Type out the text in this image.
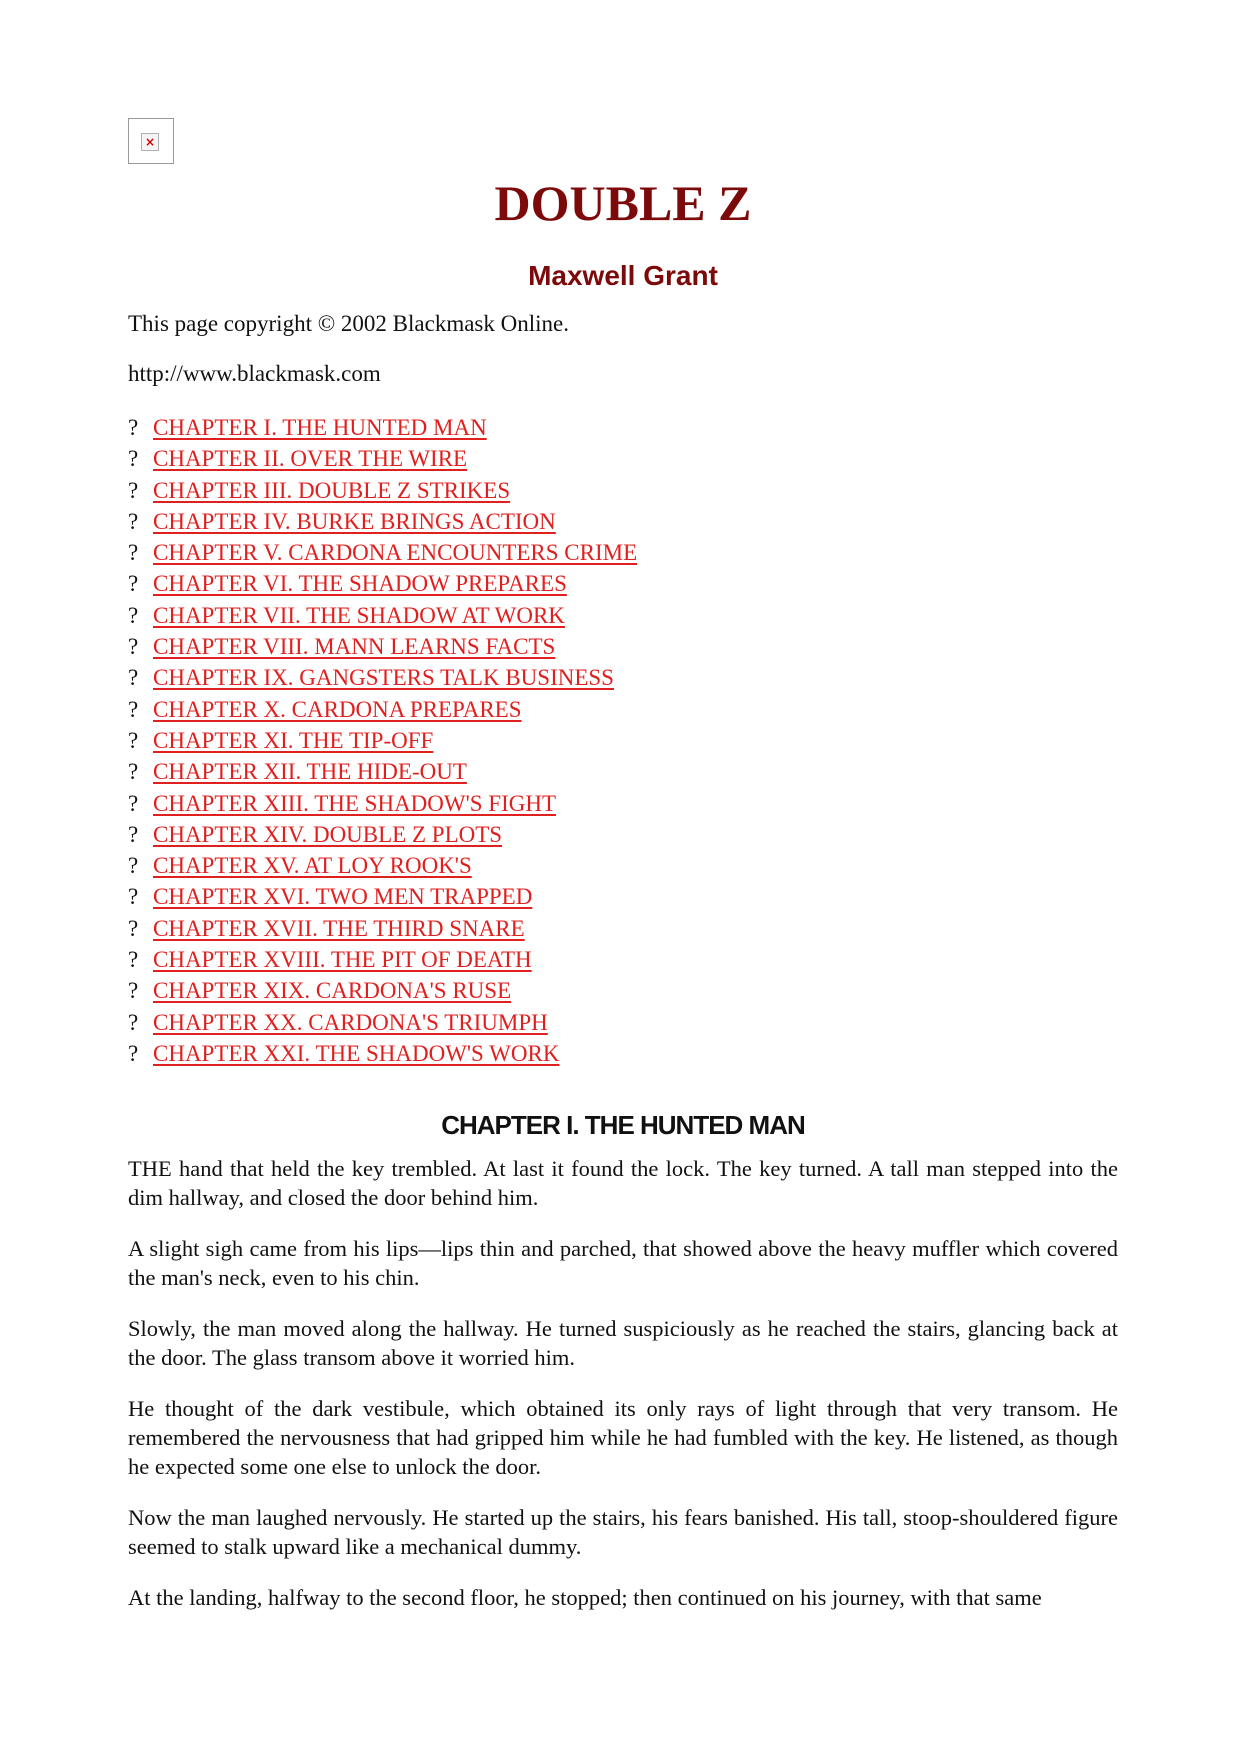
×
DOUBLE Z
Maxwell Grant

This page copyright © 2002 Blackmask Online.

http://www.blackmask.com

? CHAPTER I. THE HUNTED MAN
? CHAPTER II. OVER THE WIRE
? CHAPTER III. DOUBLE Z STRIKES
? CHAPTER IV. BURKE BRINGS ACTION
? CHAPTER V. CARDONA ENCOUNTERS CRIME
? CHAPTER VI. THE SHADOW PREPARES
? CHAPTER VII. THE SHADOW AT WORK
? CHAPTER VIII. MANN LEARNS FACTS
? CHAPTER IX. GANGSTERS TALK BUSINESS
? CHAPTER X. CARDONA PREPARES
? CHAPTER XI. THE TIP-OFF
? CHAPTER XII. THE HIDE-OUT
? CHAPTER XIII. THE SHADOW'S FIGHT
? CHAPTER XIV. DOUBLE Z PLOTS
? CHAPTER XV. AT LOY ROOK'S
? CHAPTER XVI. TWO MEN TRAPPED
? CHAPTER XVII. THE THIRD SNARE
? CHAPTER XVIII. THE PIT OF DEATH
? CHAPTER XIX. CARDONA'S RUSE
? CHAPTER XX. CARDONA'S TRIUMPH
? CHAPTER XXI. THE SHADOW'S WORK
CHAPTER I. THE HUNTED MAN

THE hand that held the key trembled. At last it found the lock. The key turned. A tall man stepped into the dim hallway, and closed the door behind him.

A slight sigh came from his lips—lips thin and parched, that showed above the heavy muffler which covered the man's neck, even to his chin.

Slowly, the man moved along the hallway. He turned suspiciously as he reached the stairs, glancing back at the door. The glass transom above it worried him.

He thought of the dark vestibule, which obtained its only rays of light through that very transom. He remembered the nervousness that had gripped him while he had fumbled with the key. He listened, as though he expected some one else to unlock the door.

Now the man laughed nervously. He started up the stairs, his fears banished. His tall, stoop-shouldered figure seemed to stalk upward like a mechanical dummy.

At the landing, halfway to the second floor, he stopped; then continued on his journey, with that same
